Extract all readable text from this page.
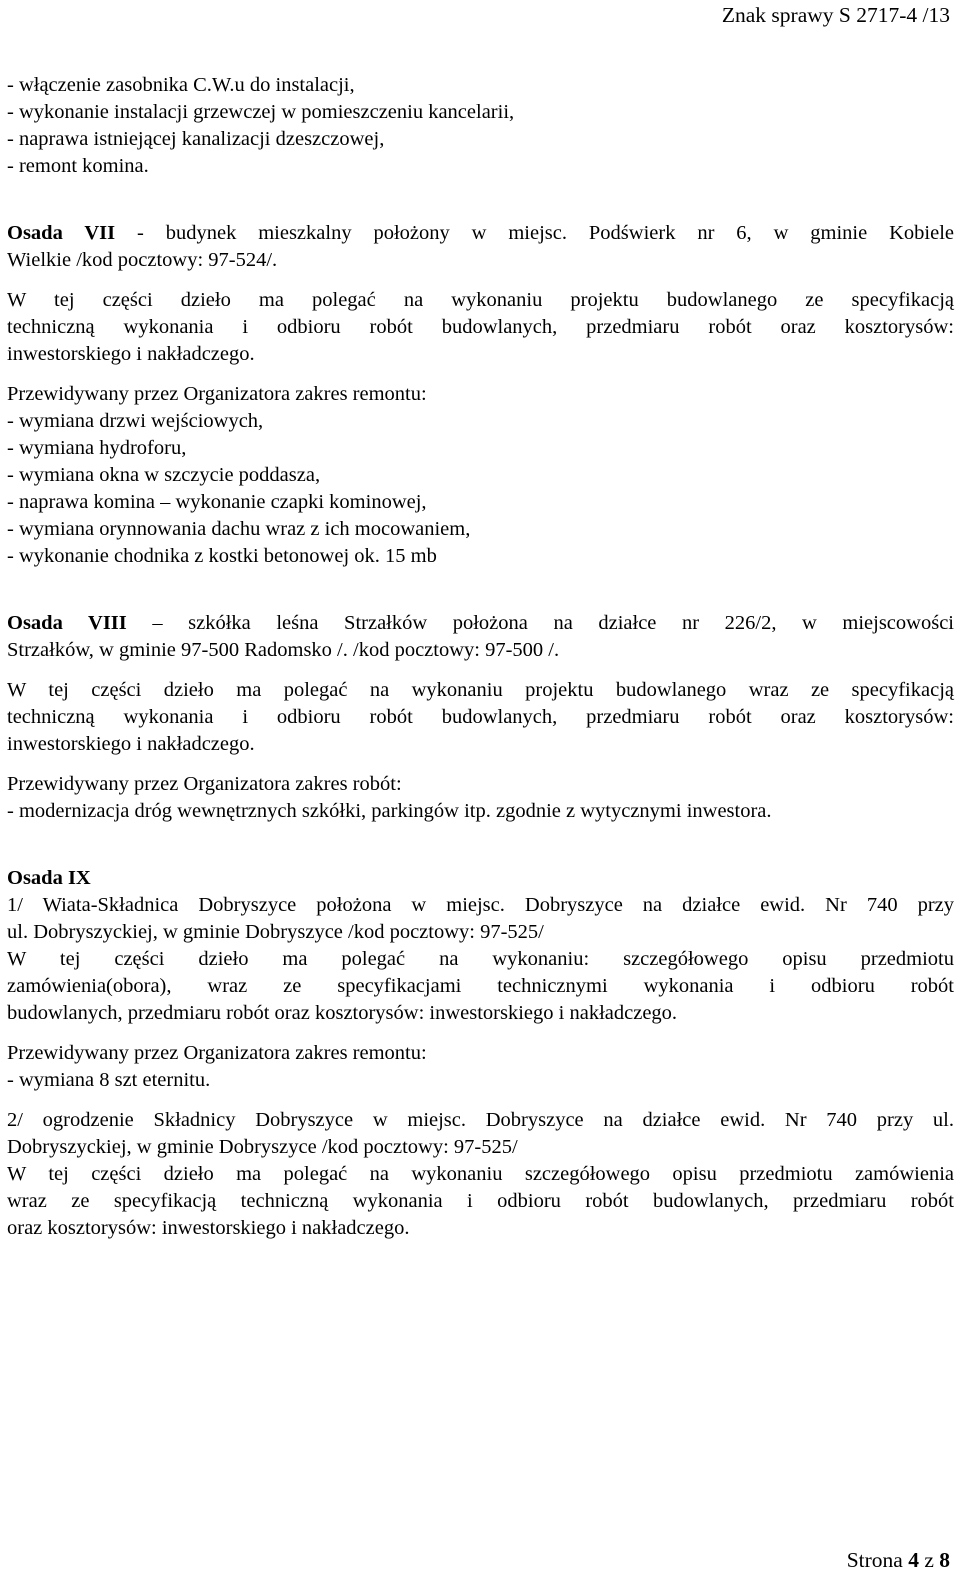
Znak sprawy S 2717-4 /13
- włączenie zasobnika C.W.u do instalacji,
- wykonanie instalacji grzewczej w pomieszczeniu kancelarii,
- naprawa istniejącej kanalizacji dzeszczowej,
- remont komina.
Osada VII - budynek mieszkalny położony w miejsc. Podświerk nr 6, w gminie Kobiele
Wielkie /kod pocztowy: 97-524/.
W tej części dzieło ma polegać na wykonaniu projektu budowlanego ze specyfikacją
techniczną wykonania i odbioru robót budowlanych, przedmiaru robót oraz kosztorysów:
inwestorskiego i nakładczego.
Przewidywany przez Organizatora zakres remontu:
- wymiana drzwi wejściowych,
- wymiana hydroforu,
- wymiana okna w szczycie poddasza,
- naprawa komina – wykonanie czapki kominowej,
- wymiana orynnowania dachu wraz z ich mocowaniem,
- wykonanie chodnika z kostki betonowej ok. 15 mb
Osada VIII – szkółka leśna Strzałków położona na działce nr 226/2, w miejscowości
Strzałków, w gminie 97-500 Radomsko /. /kod pocztowy: 97-500 /.
W tej części dzieło ma polegać na wykonaniu projektu budowlanego wraz ze specyfikacją
techniczną wykonania i odbioru robót budowlanych, przedmiaru robót oraz kosztorysów:
inwestorskiego i nakładczego.
Przewidywany przez Organizatora zakres robót:
- modernizacja dróg wewnętrznych szkółki, parkingów itp. zgodnie z wytycznymi inwestora.
Osada IX
1/ Wiata-Składnica Dobryszyce położona w miejsc. Dobryszyce na działce ewid. Nr 740 przy
ul. Dobryszyckiej, w gminie Dobryszyce /kod pocztowy: 97-525/
W tej części dzieło ma polegać na wykonaniu: szczegółowego opisu przedmiotu
zamówienia(obora), wraz ze specyfikacjami technicznymi wykonania i odbioru robót
budowlanych, przedmiaru robót oraz kosztorysów: inwestorskiego i nakładczego.
Przewidywany przez Organizatora zakres remontu:
- wymiana 8 szt eternitu.
2/ ogrodzenie Składnicy Dobryszyce w miejsc. Dobryszyce na działce ewid. Nr 740 przy ul.
Dobryszyckiej, w gminie Dobryszyce /kod pocztowy: 97-525/
W tej części dzieło ma polegać na wykonaniu szczegółowego opisu przedmiotu zamówienia
wraz ze specyfikacją techniczną wykonania i odbioru robót budowlanych, przedmiaru robót
oraz kosztorysów: inwestorskiego i nakładczego.
Strona 4 z 8
